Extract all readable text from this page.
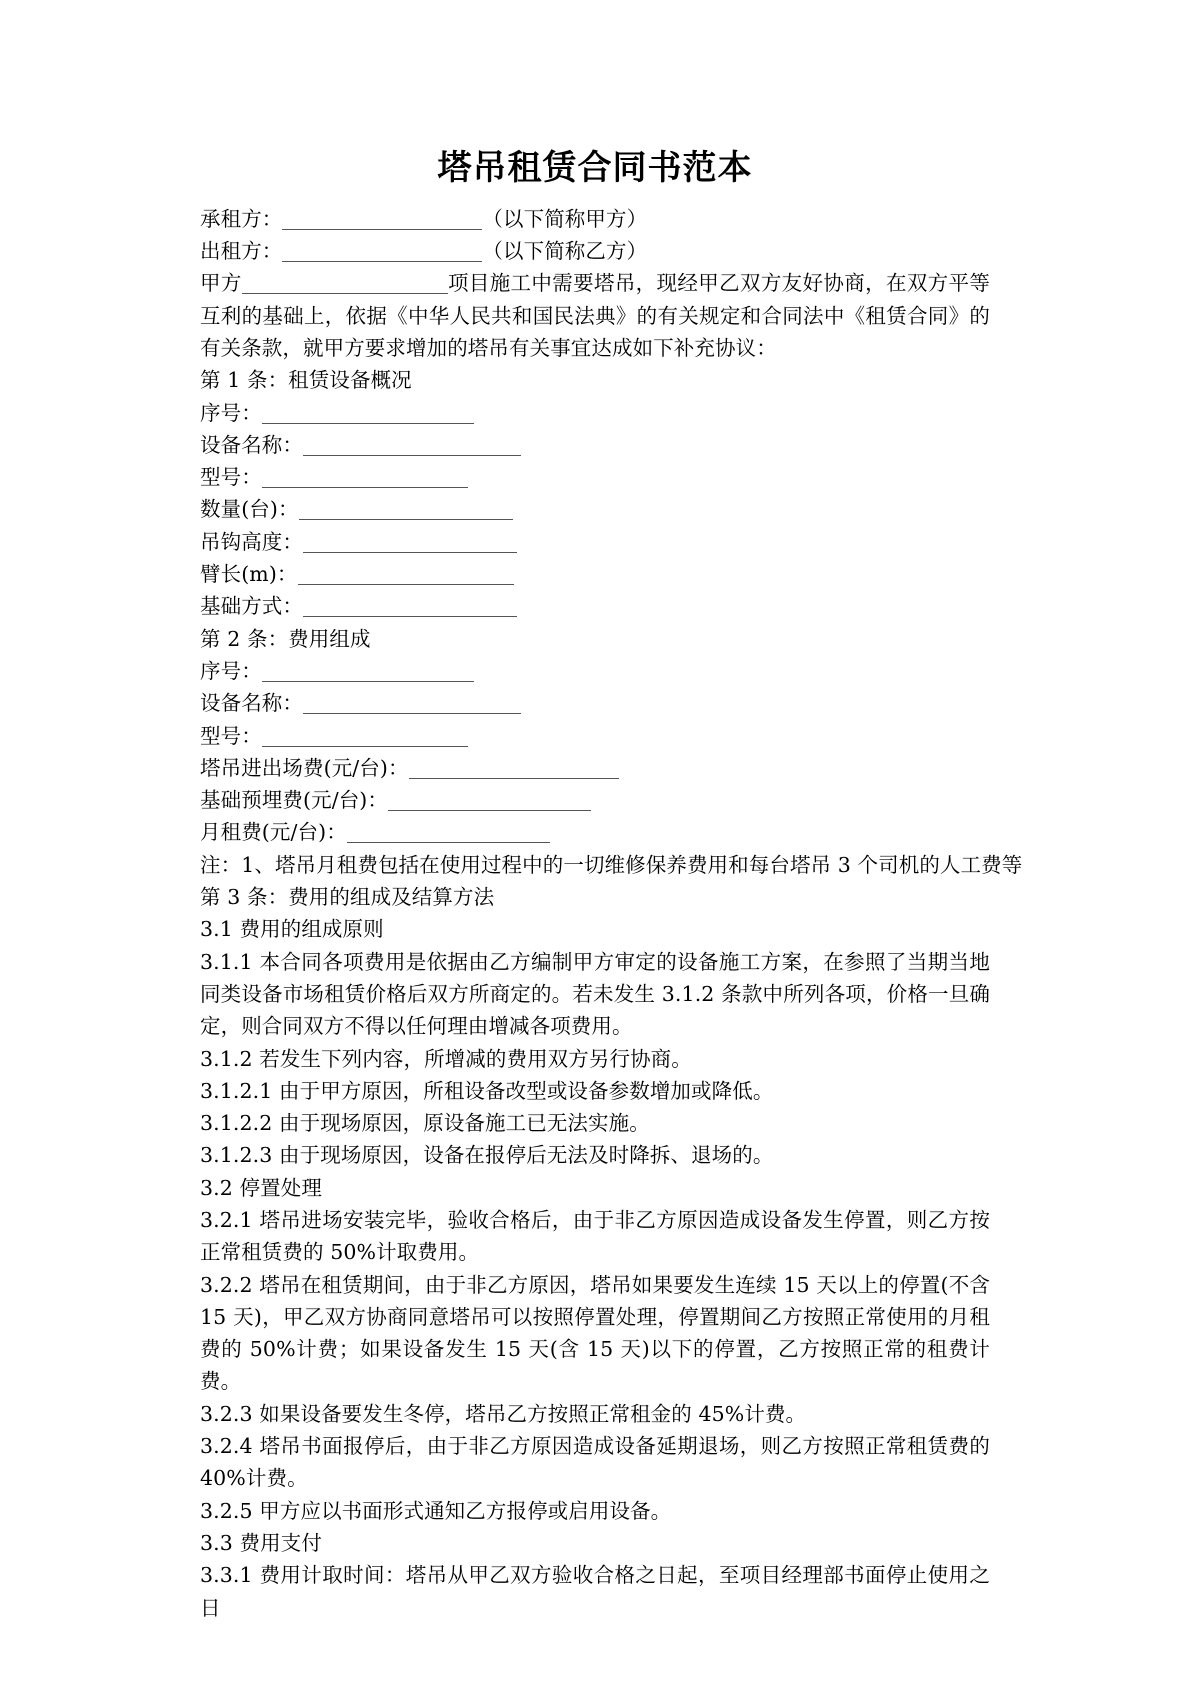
塔吊租赁合同书范本
承租方：	（以下简称甲方）
出租方：	（以下简称乙方）
甲方	项目施工中需要塔吊，现经甲乙双方友好协商，在双方平等互利的基础上，依据《中华人民共和国民法典》的有关规定和合同法中《租赁合同》的有关条款，就甲方要求增加的塔吊有关事宜达成如下补充协议：
第 1 条：租赁设备概况
序号：
设备名称：
型号：
数量(台)：
吊钩高度：
臂长(m)：
基础方式：
第 2 条：费用组成
序号：
设备名称：
型号：
塔吊进出场费(元/台)：
基础预埋费(元/台)：
月租费(元/台)：
注：1、塔吊月租费包括在使用过程中的一切维修保养费用和每台塔吊 3 个司机的人工费等
第 3 条：费用的组成及结算方法
3.1 费用的组成原则
3.1.1 本合同各项费用是依据由乙方编制甲方审定的设备施工方案，在参照了当期当地同类设备市场租赁价格后双方所商定的。若未发生 3.1.2 条款中所列各项，价格一旦确定，则合同双方不得以任何理由增减各项费用。
3.1.2 若发生下列内容，所增减的费用双方另行协商。
3.1.2.1 由于甲方原因，所租设备改型或设备参数增加或降低。
3.1.2.2 由于现场原因，原设备施工已无法实施。
3.1.2.3 由于现场原因，设备在报停后无法及时降拆、退场的。
3.2 停置处理
3.2.1 塔吊进场安装完毕，验收合格后，由于非乙方原因造成设备发生停置，则乙方按正常租赁费的 50%计取费用。
3.2.2 塔吊在租赁期间，由于非乙方原因，塔吊如果要发生连续 15 天以上的停置(不含 15 天)，甲乙双方协商同意塔吊可以按照停置处理，停置期间乙方按照正常使用的月租费的 50%计费；如果设备发生 15 天(含 15 天)以下的停置，乙方按照正常的租费计费。
3.2.3 如果设备要发生冬停，塔吊乙方按照正常租金的 45%计费。
3.2.4 塔吊书面报停后，由于非乙方原因造成设备延期退场，则乙方按照正常租赁费的 40%计费。
3.2.5 甲方应以书面形式通知乙方报停或启用设备。
3.3 费用支付
3.3.1 费用计取时间：塔吊从甲乙双方验收合格之日起，至项目经理部书面停止使用之日
